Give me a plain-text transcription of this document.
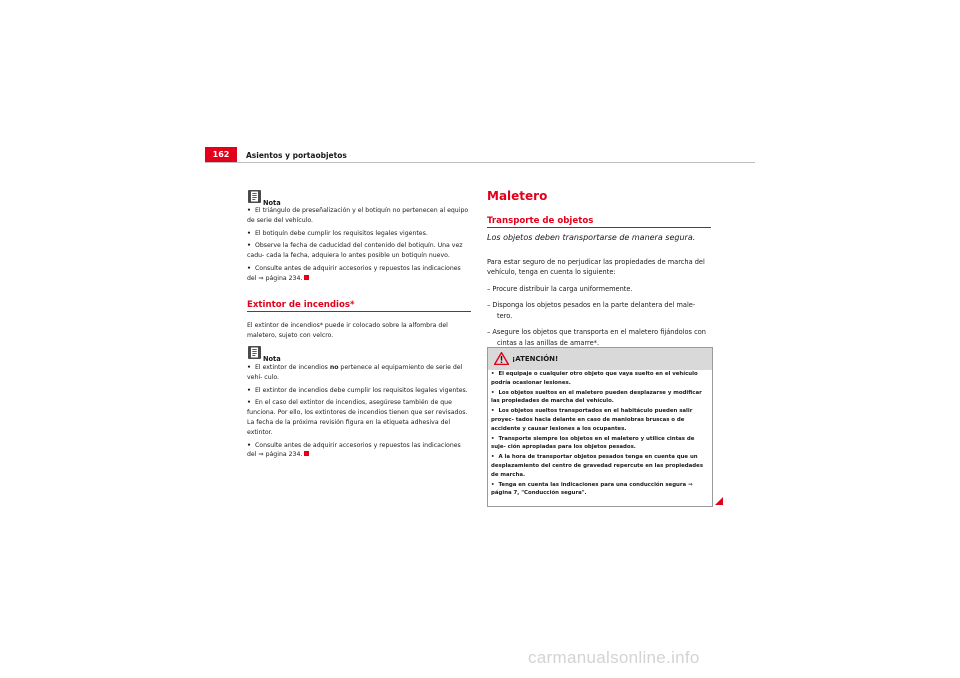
162	Asientos y portaobjetos
Nota

• El triángulo de preseñalización y el botiquín no pertenecen al equipo de serie del vehículo.

• El botiquín debe cumplir los requisitos legales vigentes.

• Observe la fecha de caducidad del contenido del botiquín. Una vez cadu- cada la fecha, adquiera lo antes posible un botiquín nuevo.

• Consulte antes de adquirir accesorios y repuestos las indicaciones del ⇒ página 234.

Extintor de incendios*
El extintor de incendios* puede ir colocado sobre la alfombra del maletero, sujeto con velcro.
Nota

• El extintor de incendios no pertenece al equipamiento de serie del vehí- culo.

• El extintor de incendios debe cumplir los requisitos legales vigentes.

• En el caso del extintor de incendios, asegúrese también de que funciona. Por ello, los extintores de incendios tienen que ser revisados. La fecha de la próxima revisión figura en la etiqueta adhesiva del extintor.

• Consulte antes de adquirir accesorios y repuestos las indicaciones del ⇒ página 234.

Maletero
Transporte de objetos
Los objetos deben transportarse de manera segura.

Para estar seguro de no perjudicar las propiedades de marcha del vehículo, tenga en cuenta lo siguiente:

– Procure distribuir la carga uniformemente.

– Disponga los objetos pesados en la parte delantera del male- tero.

– Asegure los objetos que transporta en el maletero fijándolos con cintas a las anillas de amarre*.

¡ATENCIÓN!

• El equipaje o cualquier otro objeto que vaya suelto en el vehículo podría ocasionar lesiones.

• Los objetos sueltos en el maletero pueden desplazarse y modificar las propiedades de marcha del vehículo.

• Los objetos sueltos transportados en el habitáculo pueden salir proyec- tados hacia delante en caso de maniobras bruscas o de accidente y causar lesiones a los ocupantes.

• Transporte siempre los objetos en el maletero y utilice cintas de suje- ción apropiadas para los objetos pesados.

• A la hora de transportar objetos pesados tenga en cuenta que un desplazamiento del centro de gravedad repercute en las propiedades de marcha.

• Tenga en cuenta las indicaciones para una conducción segura ⇒ página 7, "Conducción segura".

carmanualsonline.info
